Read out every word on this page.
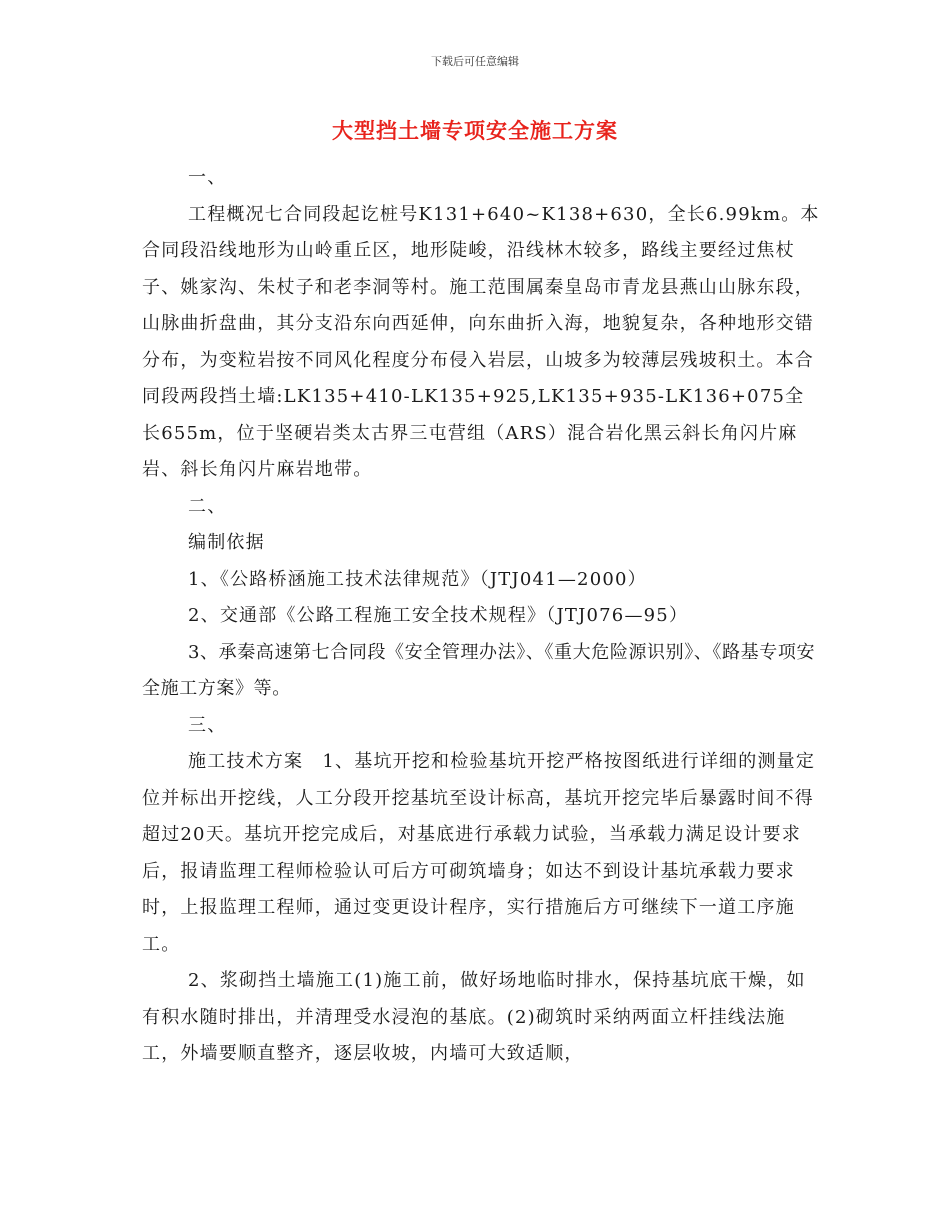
下载后可任意编辑
大型挡土墙专项安全施工方案

一、

工程概况七合同段起讫桩号K131+640~K138+630，全长6.99km。本合同段沿线地形为山岭重丘区，地形陡峻，沿线林木较多，路线主要经过焦杖子、姚家沟、朱杖子和老李洞等村。施工范围属秦皇岛市青龙县燕山山脉东段，山脉曲折盘曲，其分支沿东向西延伸，向东曲折入海，地貌复杂，各种地形交错分布，为变粒岩按不同风化程度分布侵入岩层，山坡多为较薄层残坡积土。本合同段两段挡土墙:LK135+410-LK135+925,LK135+935-LK136+075全长655m，位于坚硬岩类太古界三屯营组（ARS）混合岩化黑云斜长角闪片麻岩、斜长角闪片麻岩地带。

二、

编制依据

1、《公路桥涵施工技术法律规范》（JTJ041—2000）

2、交通部《公路工程施工安全技术规程》（JTJ076—95）

3、承秦高速第七合同段《安全管理办法》、《重大危险源识别》、《路基专项安全施工方案》等。

三、

施工技术方案　1、基坑开挖和检验基坑开挖严格按图纸进行详细的测量定位并标出开挖线，人工分段开挖基坑至设计标高，基坑开挖完毕后暴露时间不得超过20天。基坑开挖完成后，对基底进行承载力试验，当承载力满足设计要求后，报请监理工程师检验认可后方可砌筑墙身；如达不到设计基坑承载力要求时，上报监理工程师，通过变更设计程序，实行措施后方可继续下一道工序施工。

2、浆砌挡土墙施工(1)施工前，做好场地临时排水，保持基坑底干燥，如有积水随时排出，并清理受水浸泡的基底。(2)砌筑时采纳两面立杆挂线法施工，外墙要顺直整齐，逐层收坡，内墙可大致适顺，
